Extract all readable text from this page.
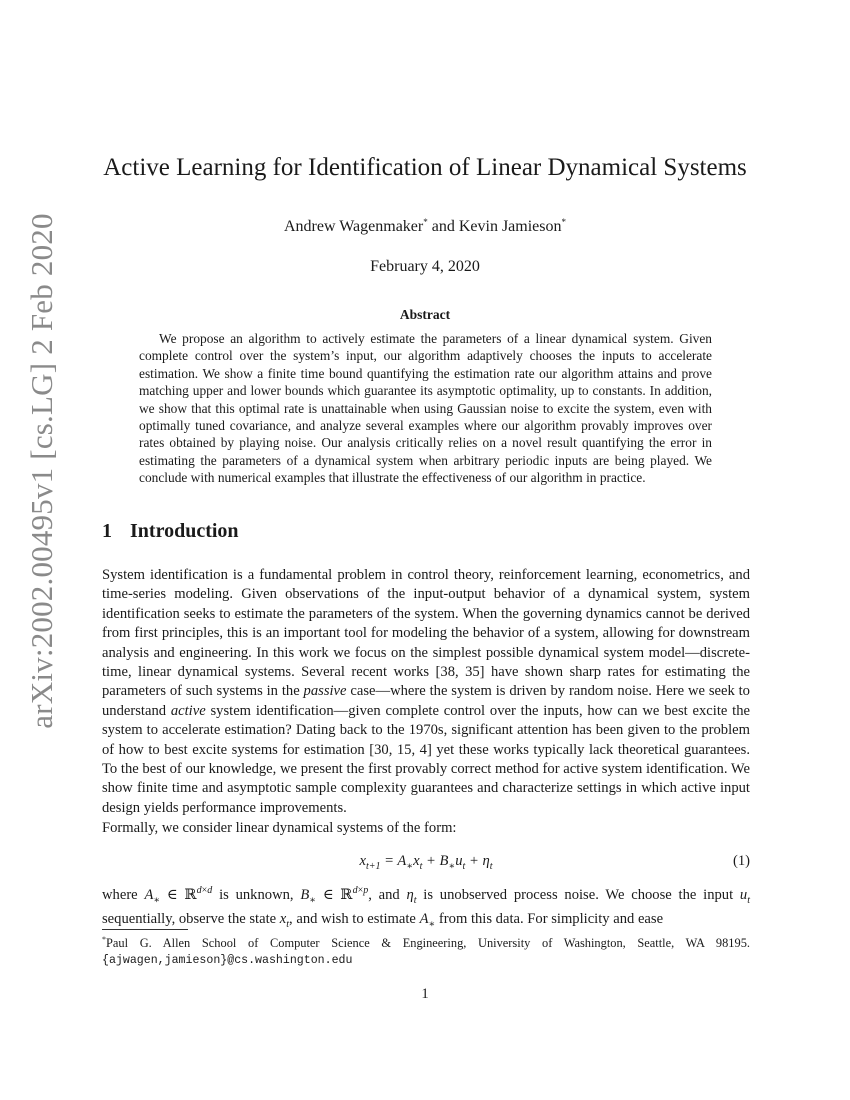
arXiv:2002.00495v1 [cs.LG] 2 Feb 2020
Active Learning for Identification of Linear Dynamical Systems
Andrew Wagenmaker* and Kevin Jamieson*
February 4, 2020
Abstract
We propose an algorithm to actively estimate the parameters of a linear dynamical system. Given complete control over the system’s input, our algorithm adaptively chooses the inputs to accelerate estimation. We show a finite time bound quantifying the estimation rate our algorithm attains and prove matching upper and lower bounds which guarantee its asymptotic optimality, up to constants. In addition, we show that this optimal rate is unattainable when using Gaussian noise to excite the system, even with optimally tuned covariance, and analyze several examples where our algorithm provably improves over rates obtained by playing noise. Our analysis critically relies on a novel result quantifying the error in estimating the parameters of a dynamical system when arbitrary periodic inputs are being played. We conclude with numerical examples that illustrate the effectiveness of our algorithm in practice.
1 Introduction
System identification is a fundamental problem in control theory, reinforcement learning, econometrics, and time-series modeling. Given observations of the input-output behavior of a dynamical system, system identification seeks to estimate the parameters of the system. When the governing dynamics cannot be derived from first principles, this is an important tool for modeling the behavior of a system, allowing for downstream analysis and engineering. In this work we focus on the simplest possible dynamical system model—discrete-time, linear dynamical systems. Several recent works [38, 35] have shown sharp rates for estimating the parameters of such systems in the passive case—where the system is driven by random noise. Here we seek to understand active system identification—given complete control over the inputs, how can we best excite the system to accelerate estimation? Dating back to the 1970s, significant attention has been given to the problem of how to best excite systems for estimation [30, 15, 4] yet these works typically lack theoretical guarantees. To the best of our knowledge, we present the first provably correct method for active system identification. We show finite time and asymptotic sample complexity guarantees and characterize settings in which active input design yields performance improvements.
Formally, we consider linear dynamical systems of the form:
$x_{t+1} = A_∗x_t + B_∗u_t + \eta_t$	(1)
where $A_∗$ ∈ ℝ$^{d\times d}$ is unknown, $B_∗$ ∈ ℝ$^{d\times p}$, and $\eta_t$ is unobserved process noise. We choose the input $u_t$ sequentially, observe the state $x_t$, and wish to estimate $A_∗$ from this data. For simplicity and ease
*Paul G. Allen School of Computer Science & Engineering, University of Washington, Seattle, WA 98195. {ajwagen,jamieson}@cs.washington.edu
1
